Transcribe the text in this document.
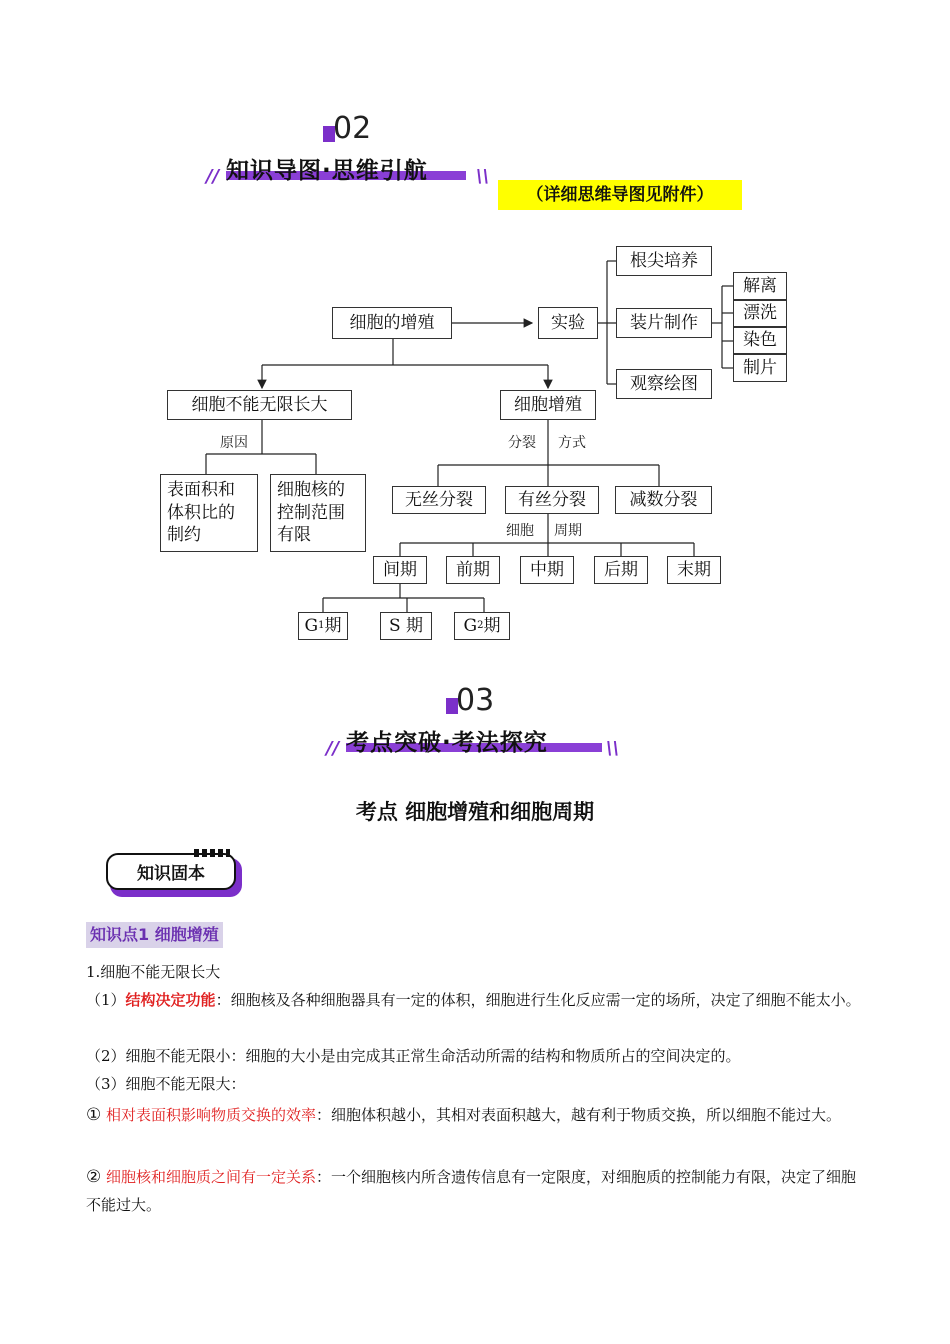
02
// 知识导图·思维引航	\\
（详细思维导图见附件）
细胞的增殖	实验
根尖培养
装片制作
观察绘图
解离
漂洗
染色
制片
细胞不能无限长大	细胞增殖
原因	分裂 方式
表面积和体积比的制约
细胞核的控制范围有限
无丝分裂	有丝分裂	减数分裂
细胞 周期
间期	前期	中期	后期	末期
G 1 期	S 期 G 2 期
03
// 考点突破·考法探究	\\
考点 细胞增殖和细胞周期
知识固本
知识点1 细胞增殖
1.细胞不能无限长大
（1）结构决定功能：细胞核及各种细胞器具有一定的体积，细胞进行生化反应需一定的场所，决定了细胞不能太小。
（2）细胞不能无限小：细胞的大小是由完成其正常生命活动所需的结构和物质所占的空间决定的。
（3）细胞不能无限大：
① 相对表面积影响物质交换的效率：细胞体积越小，其相对表面积越大，越有利于物质交换，所以细胞不能过大。
② 细胞核和细胞质之间有一定关系：一个细胞核内所含遗传信息有一定限度，对细胞质的控制能力有限，决定了细胞不能过大。
